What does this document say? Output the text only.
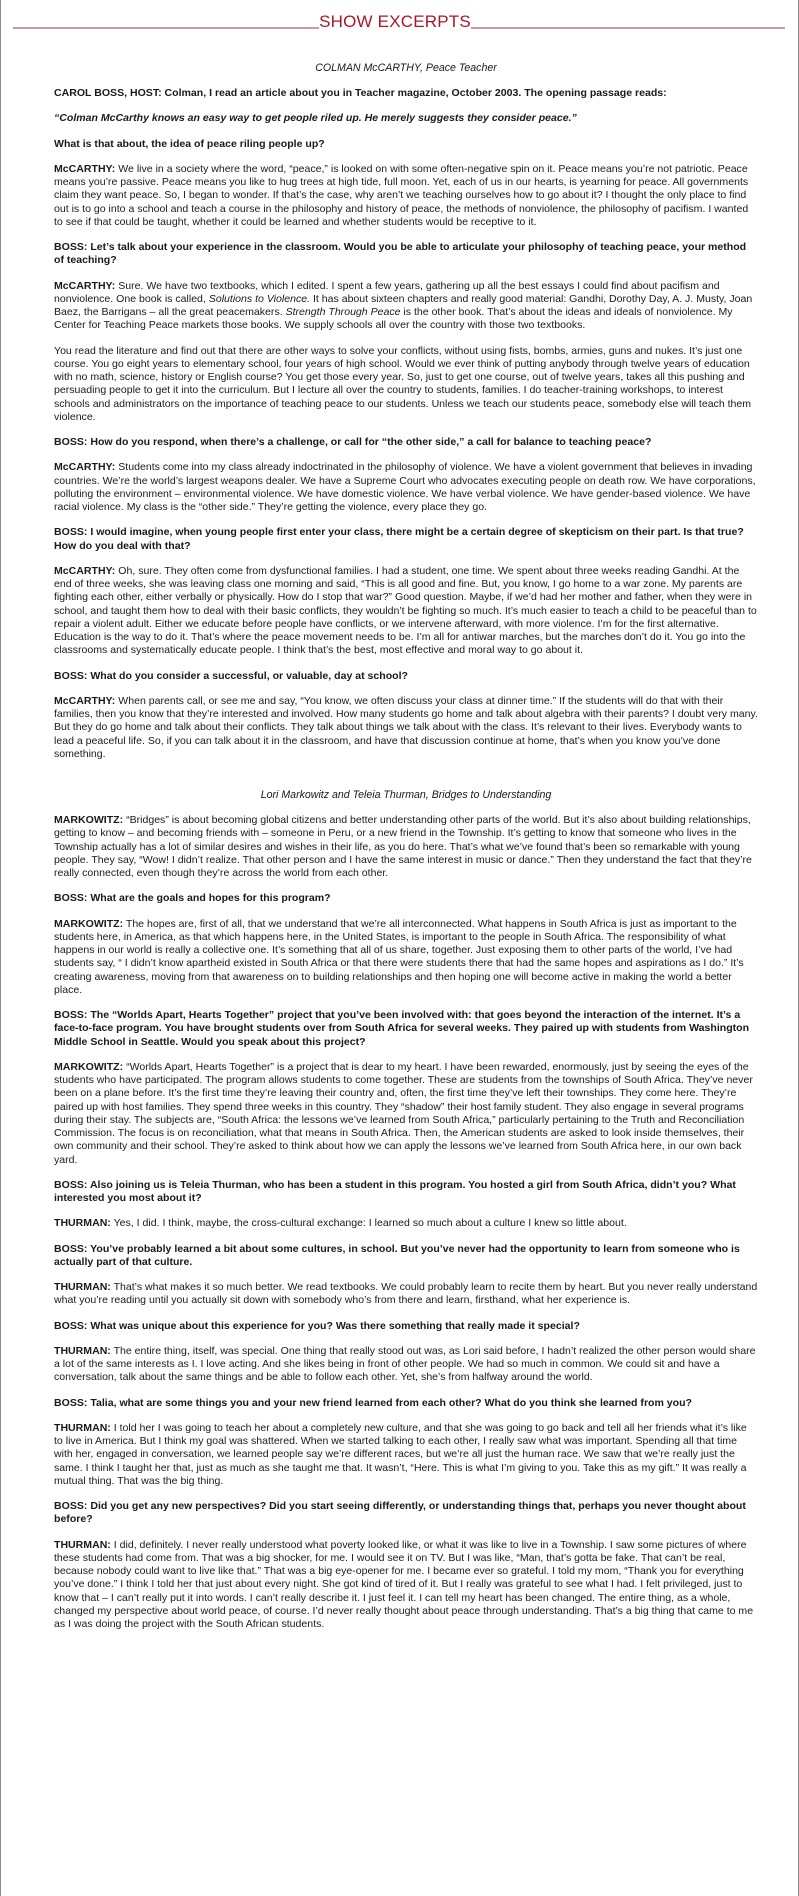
SHOW EXCERPTS
COLMAN McCARTHY, Peace Teacher

CAROL BOSS, HOST: Colman, I read an article about you in Teacher magazine, October 2003. The opening passage reads:

“Colman McCarthy knows an easy way to get people riled up. He merely suggests they consider peace.”

What is that about, the idea of peace riling people up?

McCARTHY: We live in a society where the word, “peace,” is looked on with some often-negative spin on it. Peace means you’re not patriotic. Peace means you’re passive. Peace means you like to hug trees at high tide, full moon. Yet, each of us in our hearts, is yearning for peace. All governments claim they want peace. So, I began to wonder. If that’s the case, why aren’t we teaching ourselves how to go about it? I thought the only place to find out is to go into a school and teach a course in the philosophy and history of peace, the methods of nonviolence, the philosophy of pacifism. I wanted to see if that could be taught, whether it could be learned and whether students would be receptive to it.

BOSS: Let’s talk about your experience in the classroom. Would you be able to articulate your philosophy of teaching peace, your method of teaching?

McCARTHY: Sure. We have two textbooks, which I edited. I spent a few years, gathering up all the best essays I could find about pacifism and nonviolence. One book is called, Solutions to Violence. It has about sixteen chapters and really good material: Gandhi, Dorothy Day, A. J. Musty, Joan Baez, the Barrigans – all the great peacemakers. Strength Through Peace is the other book. That’s about the ideas and ideals of nonviolence. My Center for Teaching Peace markets those books. We supply schools all over the country with those two textbooks.

You read the literature and find out that there are other ways to solve your conflicts, without using fists, bombs, armies, guns and nukes. It’s just one course. You go eight years to elementary school, four years of high school. Would we ever think of putting anybody through twelve years of education with no math, science, history or English course? You get those every year. So, just to get one course, out of twelve years, takes all this pushing and persuading people to get it into the curriculum. But I lecture all over the country to students, families. I do teacher-training workshops, to interest schools and administrators on the importance of teaching peace to our students. Unless we teach our students peace, somebody else will teach them violence.

BOSS: How do you respond, when there’s a challenge, or call for “the other side,” a call for balance to teaching peace?

McCARTHY: Students come into my class already indoctrinated in the philosophy of violence. We have a violent government that believes in invading countries. We’re the world’s largest weapons dealer. We have a Supreme Court who advocates executing people on death row. We have corporations, polluting the environment – environmental violence. We have domestic violence. We have verbal violence. We have gender-based violence. We have racial violence. My class is the “other side.” They’re getting the violence, every place they go.

BOSS: I would imagine, when young people first enter your class, there might be a certain degree of skepticism on their part. Is that true? How do you deal with that?

McCARTHY: Oh, sure. They often come from dysfunctional families. I had a student, one time. We spent about three weeks reading Gandhi. At the end of three weeks, she was leaving class one morning and said, “This is all good and fine. But, you know, I go home to a war zone. My parents are fighting each other, either verbally or physically. How do I stop that war?” Good question. Maybe, if we’d had her mother and father, when they were in school, and taught them how to deal with their basic conflicts, they wouldn’t be fighting so much. It’s much easier to teach a child to be peaceful than to repair a violent adult. Either we educate before people have conflicts, or we intervene afterward, with more violence. I’m for the first alternative. Education is the way to do it. That’s where the peace movement needs to be. I’m all for antiwar marches, but the marches don’t do it. You go into the classrooms and systematically educate people. I think that’s the best, most effective and moral way to go about it.

BOSS: What do you consider a successful, or valuable, day at school?

McCARTHY: When parents call, or see me and say, “You know, we often discuss your class at dinner time.” If the students will do that with their families, then you know that they’re interested and involved. How many students go home and talk about algebra with their parents? I doubt very many. But they do go home and talk about their conflicts. They talk about things we talk about with the class. It’s relevant to their lives. Everybody wants to lead a peaceful life. So, if you can talk about it in the classroom, and have that discussion continue at home, that’s when you know you’ve done something.

Lori Markowitz and Teleia Thurman, Bridges to Understanding

MARKOWITZ: “Bridges” is about becoming global citizens and better understanding other parts of the world. But it’s also about building relationships, getting to know – and becoming friends with – someone in Peru, or a new friend in the Township. It’s getting to know that someone who lives in the Township actually has a lot of similar desires and wishes in their life, as you do here. That’s what we’ve found that’s been so remarkable with young people. They say, “Wow! I didn’t realize. That other person and I have the same interest in music or dance.” Then they understand the fact that they’re really connected, even though they’re across the world from each other.

BOSS: What are the goals and hopes for this program?

MARKOWITZ: The hopes are, first of all, that we understand that we’re all interconnected. What happens in South Africa is just as important to the students here, in America, as that which happens here, in the United States, is important to the people in South Africa. The responsibility of what happens in our world is really a collective one. It’s something that all of us share, together. Just exposing them to other parts of the world, I’ve had students say, “ I didn’t know apartheid existed in South Africa or that there were students there that had the same hopes and aspirations as I do.” It’s creating awareness, moving from that awareness on to building relationships and then hoping one will become active in making the world a better place.

BOSS: The “Worlds Apart, Hearts Together” project that you’ve been involved with: that goes beyond the interaction of the internet. It’s a face-to-face program. You have brought students over from South Africa for several weeks. They paired up with students from Washington Middle School in Seattle. Would you speak about this project?

MARKOWITZ: “Worlds Apart, Hearts Together” is a project that is dear to my heart. I have been rewarded, enormously, just by seeing the eyes of the students who have participated. The program allows students to come together. These are students from the townships of South Africa. They’ve never been on a plane before. It’s the first time they’re leaving their country and, often, the first time they’ve left their townships. They come here. They’re paired up with host families. They spend three weeks in this country. They “shadow” their host family student. They also engage in several programs during their stay. The subjects are, “South Africa: the lessons we’ve learned from South Africa,” particularly pertaining to the Truth and Reconciliation Commission. The focus is on reconciliation, what that means in South Africa. Then, the American students are asked to look inside themselves, their own community and their school. They’re asked to think about how we can apply the lessons we’ve learned from South Africa here, in our own back yard.

BOSS: Also joining us is Teleia Thurman, who has been a student in this program. You hosted a girl from South Africa, didn’t you? What interested you most about it?

THURMAN: Yes, I did. I think, maybe, the cross-cultural exchange: I learned so much about a culture I knew so little about.

BOSS: You’ve probably learned a bit about some cultures, in school. But you’ve never had the opportunity to learn from someone who is actually part of that culture.

THURMAN: That’s what makes it so much better. We read textbooks. We could probably learn to recite them by heart. But you never really understand what you’re reading until you actually sit down with somebody who’s from there and learn, firsthand, what her experience is.

BOSS: What was unique about this experience for you? Was there something that really made it special?

THURMAN: The entire thing, itself, was special. One thing that really stood out was, as Lori said before, I hadn’t realized the other person would share a lot of the same interests as I. I love acting. And she likes being in front of other people. We had so much in common. We could sit and have a conversation, talk about the same things and be able to follow each other. Yet, she’s from halfway around the world.

BOSS: Talia, what are some things you and your new friend learned from each other? What do you think she learned from you?

THURMAN: I told her I was going to teach her about a completely new culture, and that she was going to go back and tell all her friends what it’s like to live in America. But I think my goal was shattered. When we started talking to each other, I really saw what was important. Spending all that time with her, engaged in conversation, we learned people say we’re different races, but we’re all just the human race. We saw that we’re really just the same. I think I taught her that, just as much as she taught me that. It wasn’t, “Here. This is what I’m giving to you. Take this as my gift.” It was really a mutual thing. That was the big thing.

BOSS: Did you get any new perspectives? Did you start seeing differently, or understanding things that, perhaps you never thought about before?

THURMAN: I did, definitely. I never really understood what poverty looked like, or what it was like to live in a Township. I saw some pictures of where these students had come from. That was a big shocker, for me. I would see it on TV. But I was like, “Man, that’s gotta be fake. That can’t be real, because nobody could want to live like that.” That was a big eye-opener for me. I became ever so grateful. I told my mom, “Thank you for everything you’ve done.” I think I told her that just about every night. She got kind of tired of it. But I really was grateful to see what I had. I felt privileged, just to know that – I can’t really put it into words. I can’t really describe it. I just feel it. I can tell my heart has been changed. The entire thing, as a whole, changed my perspective about world peace, of course. I’d never really thought about peace through understanding. That’s a big thing that came to me as I was doing the project with the South African students.
